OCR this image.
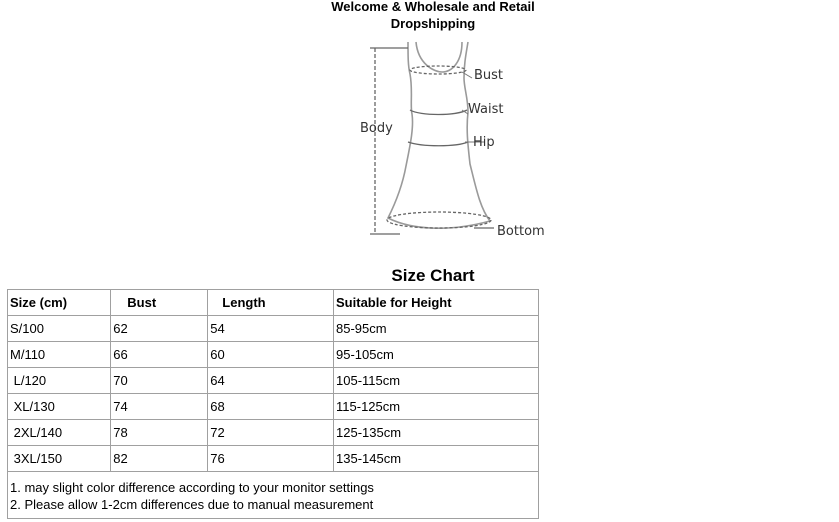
Welcome & Wholesale and Retail
Dropshipping
Bust
Waist
Hip
Body
Bottom
Size Chart
Size (cm)	Bust	Length	Suitable for Height
S/100	62	54	85-95cm
M/110	66	60	95-105cm
L/120	70	64	105-115cm
XL/130	74	68	115-125cm
2XL/140	78	72	125-135cm
3XL/150	82	76	135-145cm

1. may slight color difference according to your monitor settings
2. Please allow 1-2cm differences due to manual measurement			
